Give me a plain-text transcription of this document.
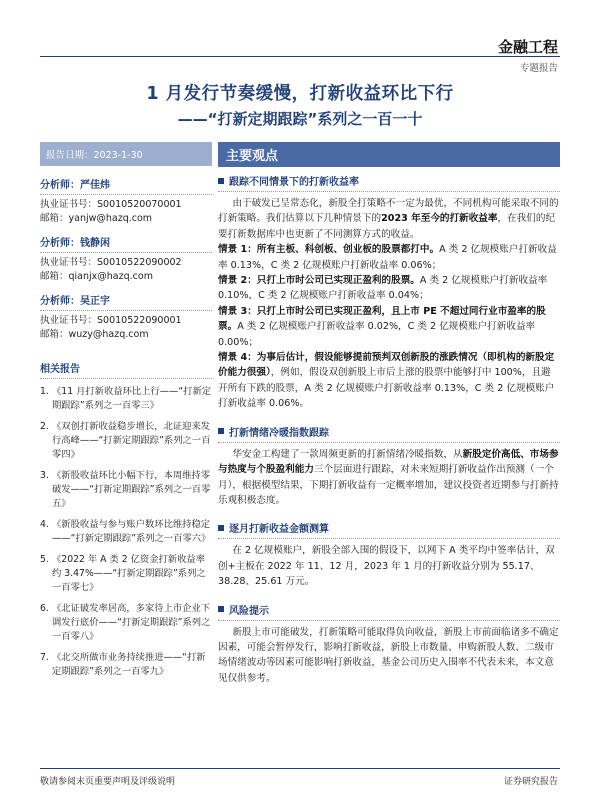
金融工程
专题报告
1 月发行节奏缓慢，打新收益环比下行
——“打新定期跟踪”系列之一百一十
报告日期：2023-1-30
分析师：严佳炜
执业证书号：S0010520070001
邮箱：yanjw@hazq.com
分析师：钱静闲
执业证书号：S0010522090002
邮箱：qianjx@hazq.com
分析师：吴正宇
执业证书号：S0010522090001
邮箱：wuzy@hazq.com
相关报告
1. 《11 月打新收益环比上行——“打新定期跟踪”系列之一百零三》
2. 《双创打新收益稳步增长，北证迎来发行高峰——“打新定期跟踪”系列之一百零四》
3. 《新股收益环比小幅下行，本周维持零破发——“打新定期跟踪”系列之一百零五》
4. 《新股收益与参与账户数环比维持稳定——“打新定期跟踪”系列之一百零六》
5. 《2022 年 A 类 2 亿资金打新收益率约 3.47%——“打新定期跟踪”系列之一百零七》
6. 《北证破发率居高，多家待上市企业下调发行底价——“打新定期跟踪”系列之一百零八》
7. 《北交所做市业务持续推进——“打新定期跟踪”系列之一百零九》
主要观点
跟踪不同情景下的打新收益率

由于破发已呈常态化，新股全打策略不一定为最优，不同机构可能采取不同的打新策略。我们估算以下几种情景下的2023 年至今的打新收益率，在我们的纪要打新数据库中也更新了不同测算方式的收益。

情景 1：所有主板、科创板、创业板的股票都打中。A 类 2 亿规模账户打新收益率 0.13%，C 类 2 亿规模账户打新收益率 0.06%；

情景 2：只打上市时公司已实现正盈利的股票。A 类 2 亿规模账户打新收益率 0.10%，C 类 2 亿规模账户打新收益率 0.04%；

情景 3：只打上市时公司已实现正盈利，且上市 PE 不超过同行业市盈率的股票。A 类 2 亿规模账户打新收益率 0.02%，C 类 2 亿规模账户打新收益率 0.00%；

情景 4：为事后估计，假设能够提前预判双创新股的涨跌情况（即机构的新股定价能力很强），例如，假设双创新股上市后上涨的股票中能够打中 100%，且避开所有下跌的股票，A 类 2 亿规模账户打新收益率 0.13%，C 类 2 亿规模账户打新收益率 0.06%。

打新情绪冷暖指数跟踪

华安金工构建了一款周频更新的打新情绪冷暖指数，从新股定价高低、市场参与热度与个股盈利能力三个层面进行跟踪，对未来短期打新收益作出预测（一个月），根据模型结果，下期打新收益有一定概率增加，建议投资者近期参与打新持乐观积极态度。

逐月打新收益金额测算

在 2 亿规模账户，新股全部入围的假设下，以网下 A 类平均中签率估计，双创+主板在 2022 年 11、12 月，2023 年 1 月的打新收益分别为 55.17、38.28、25.61 万元。

风险提示

新股上市可能破发，打新策略可能取得负向收益，新股上市前面临诸多不确定因素，可能会暂停发行，影响打新收益，新股上市数量、申购新股人数、二级市场情绪波动等因素可能影响打新收益，基金公司历史入围率不代表未来，本文意见仅供参考。

敬请参阅末页重要声明及评级说明	证券研究报告
